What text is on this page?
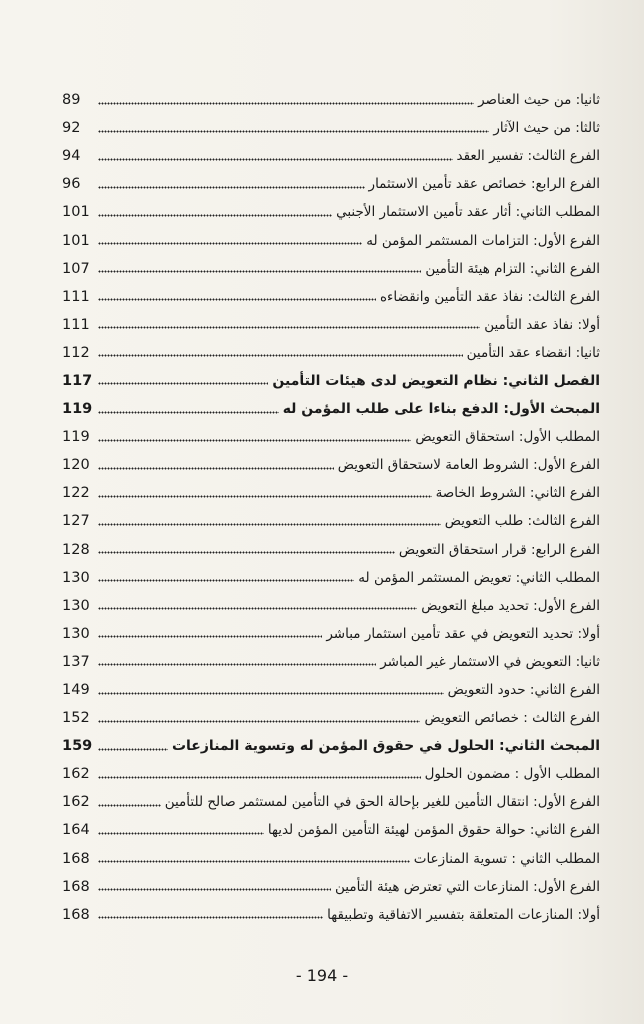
89	ثانيا: من حيث العناصر
92	ثالثا: من حيث الآثار
94	الفرع الثالث: تفسير العقد
96	الفرع الرابع: خصائص عقد تأمين الاستثمار
101	المطلب الثاني: أثار عقد تأمين الاستثمار الأجنبي
101	الفرع الأول: التزامات المستثمر المؤمن له
107	الفرع الثاني: التزام هيئة التأمين
111	الفرع الثالث: نفاذ عقد التأمين وانقضاءه
111	أولا: نفاذ عقد التأمين
112	ثانيا: انقضاء عقد التأمين
117	الفصل الثاني: نظام التعويض لدى هيئات التأمين
119	المبحث الأول: الدفع بناءا على طلب المؤمن له
119	المطلب الأول: استحقاق التعويض
120	الفرع الأول: الشروط العامة لاستحقاق التعويض
122	الفرع الثاني: الشروط الخاصة
127	الفرع الثالث: طلب التعويض
128	الفرع الرابع: قرار استحقاق التعويض
130	المطلب الثاني: تعويض المستثمر المؤمن له
130	الفرع الأول: تحديد مبلغ التعويض
130	أولا: تحديد التعويض في عقد تأمين استثمار مباشر
137	ثانيا: التعويض في الاستثمار غير المباشر
149	الفرع الثاني: حدود التعويض
152	الفرع الثالث : خصائص التعويض
159	المبحث الثاني: الحلول في حقوق المؤمن له وتسوية المنازعات
162	المطلب الأول : مضمون الحلول
162	الفرع الأول: انتقال التأمين للغير بإحالة الحق في التأمين لمستثمر صالح للتأمين
164	الفرع الثاني: حوالة حقوق المؤمن لهيئة التأمين المؤمن لديها
168	المطلب الثاني : تسوية المنازعات
168	الفرع الأول: المنازعات التي تعترض هيئة التأمين
168	أولا: المنازعات المتعلقة بتفسير الاتفاقية وتطبيقها
- 194 -
